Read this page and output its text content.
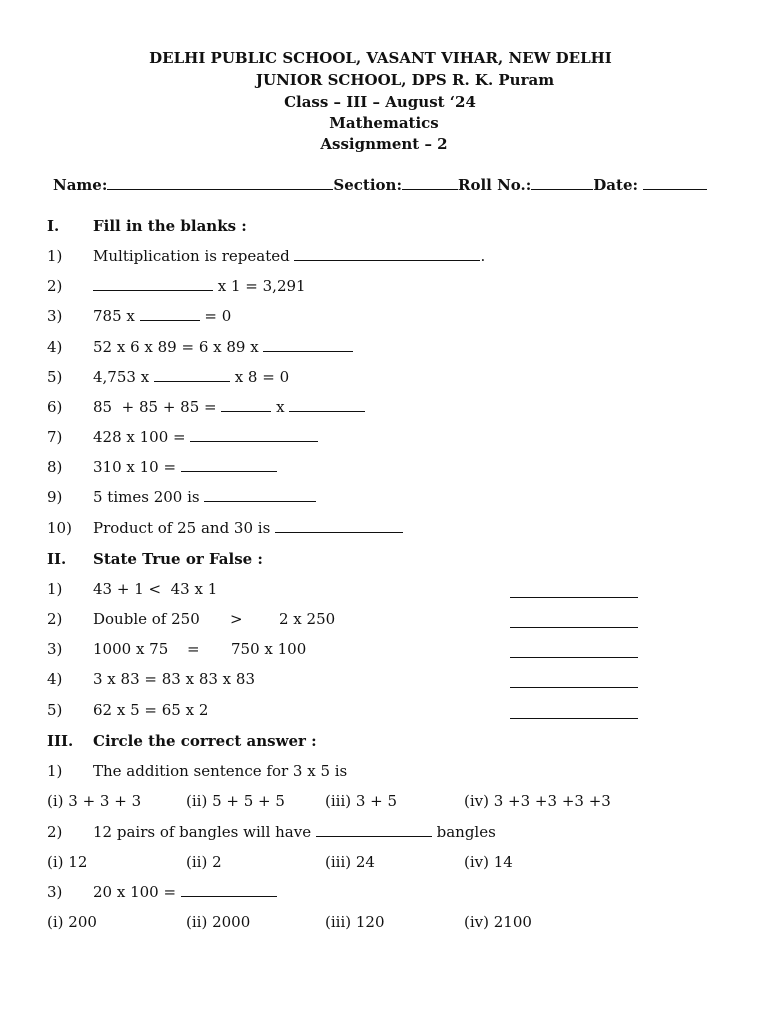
DELHI PUBLIC SCHOOL, VASANT VIHAR, NEW DELHI
JUNIOR SCHOOL, DPS R. K. Puram
Class – III – August ‘24
Mathematics
Assignment – 2
Name:	Section:	Roll No.:	Date:
I. Fill in the blanks :
1) Multiplication is repeated	.
2)	x 1 = 3,291
3) 785 x	= 0
4) 52 x 6 x 89 = 6 x 89 x
5) 4,753 x	x 8 = 0
6) 85  + 85 + 85 =	x
7) 428 x 100 =
8) 310 x 10 =
9) 5 times 200 is
10) Product of 25 and 30 is
II. State True or False :
1) 43 + 1 <  43 x 1
2) Double of 250 > 2 x 250
3) 1000 x 75 = 750 x 100
4) 3 x 83 = 83 x 83 x 83
5) 62 x 5 = 65 x 2
III. Circle the correct answer :
1) The addition sentence for 3 x 5 is
(i) 3 + 3 + 3	(ii) 5 + 5 + 5	(iii) 3 + 5	(iv) 3 +3 +3 +3 +3
2) 12 pairs of bangles will have	bangles
(i) 12	(ii) 2	(iii) 24	(iv) 14
3) 20 x 100 =
(i) 200	(ii) 2000	(iii) 120	(iv) 2100
